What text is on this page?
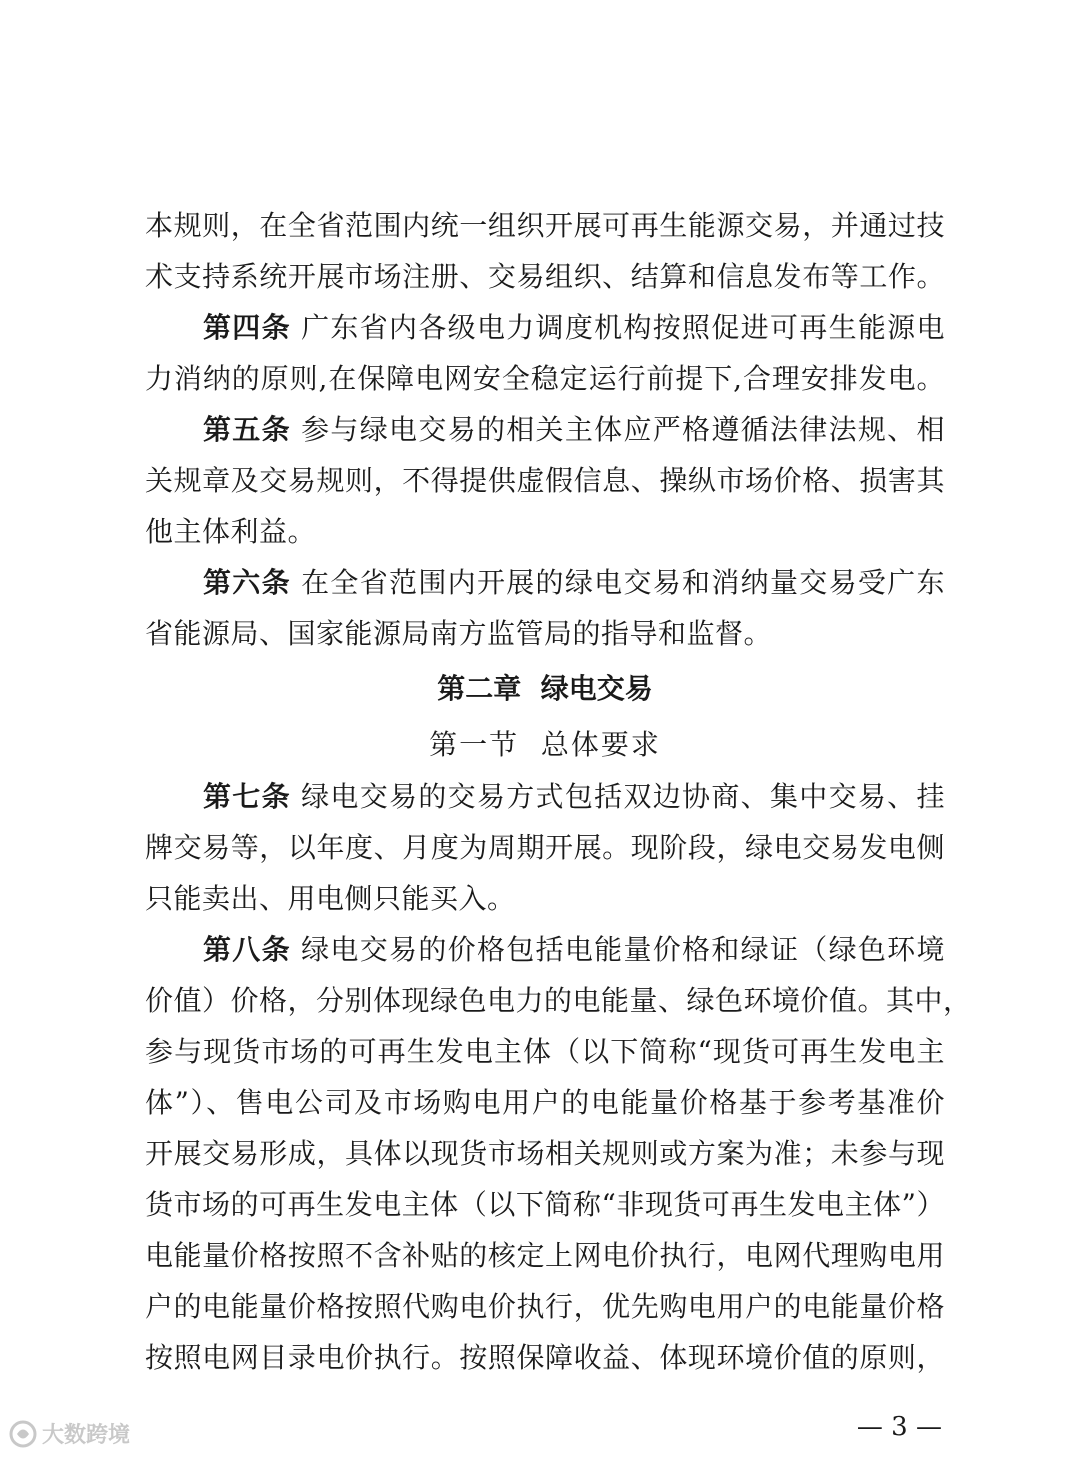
本规则，在全省范围内统一组织开展可再生能源交易，并通过技
术支持系统开展市场注册、交易组织、结算和信息发布等工作。
第四条 广东省内各级电力调度机构按照促进可再生能源电
力消纳的原则,在保障电网安全稳定运行前提下,合理安排发电。
第五条 参与绿电交易的相关主体应严格遵循法律法规、相
关规章及交易规则，不得提供虚假信息、操纵市场价格、损害其
他主体利益。
第六条 在全省范围内开展的绿电交易和消纳量交易受广东
省能源局、国家能源局南方监管局的指导和监督。
第二章  绿电交易
第一节  总体要求
第七条 绿电交易的交易方式包括双边协商、集中交易、挂
牌交易等，以年度、月度为周期开展。现阶段，绿电交易发电侧
只能卖出、用电侧只能买入。
第八条 绿电交易的价格包括电能量价格和绿证（绿色环境
价值）价格，分别体现绿色电力的电能量、绿色环境价值。其中，
参与现货市场的可再生发电主体（以下简称“现货可再生发电主
体”）、售电公司及市场购电用户的电能量价格基于参考基准价
开展交易形成，具体以现货市场相关规则或方案为准；未参与现
货市场的可再生发电主体（以下简称“非现货可再生发电主体”）
电能量价格按照不含补贴的核定上网电价执行，电网代理购电用
户的电能量价格按照代购电价执行，优先购电用户的电能量价格
按照电网目录电价执行。按照保障收益、体现环境价值的原则，
— 3 —
大数跨境
